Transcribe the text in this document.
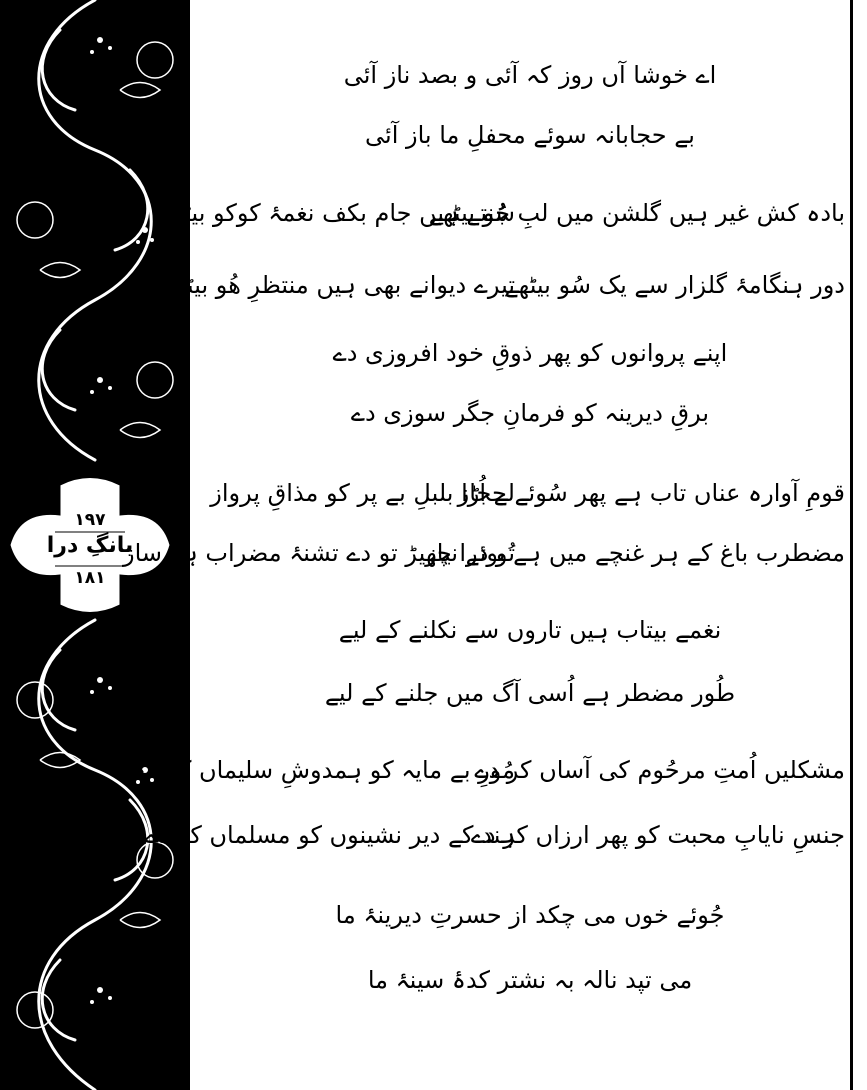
۱۹۷
بانگِ درا
۱۸۱
اے خوشا آں روز کہ آئی و بصد ناز آئی
بے حجابانہ سوئے محفلِ ما باز آئی
بادہ کش غیر ہیں گلشن میں لبِ جُو بیٹھے
سُنتے ہیں جام بکف نغمۂ کوکو بیٹھے
دور ہنگامۂ گلزار سے یک سُو بیٹھے
تیرے دیوانے بھی ہیں منتظرِ ھُو بیٹھے
اپنے پروانوں کو پھر ذوقِ خود افروزی دے
برقِ دیرینہ کو فرمانِ جگر سوزی دے
قومِ آوارہ عناں تاب ہے پھر سُوئے حجاز
لے اُڑا بلبلِ بے پر کو مذاقِ پرواز
مضطرب باغ کے ہر غنچے میں ہے بوئے نیاز
تُو ذرا چھیڑ تو دے تشنۂ مضراب ہے ساز
نغمے بیتاب ہیں تاروں سے نکلنے کے لیے
طُور مضطر ہے اُسی آگ میں جلنے کے لیے
مشکلیں اُمتِ مرحُوم کی آساں کر دے
مُورِ بے مایہ کو ہمدوشِ سلیماں کر دے
جنسِ نایابِ محبت کو پھر ارزاں کر دے
ہند کے دیر نشینوں کو مسلماں کر دے
جُوئے خوں می چکد از حسرتِ دیرینۂ ما
می تپد نالہ بہ نشتر کدۂ سینۂ ما
